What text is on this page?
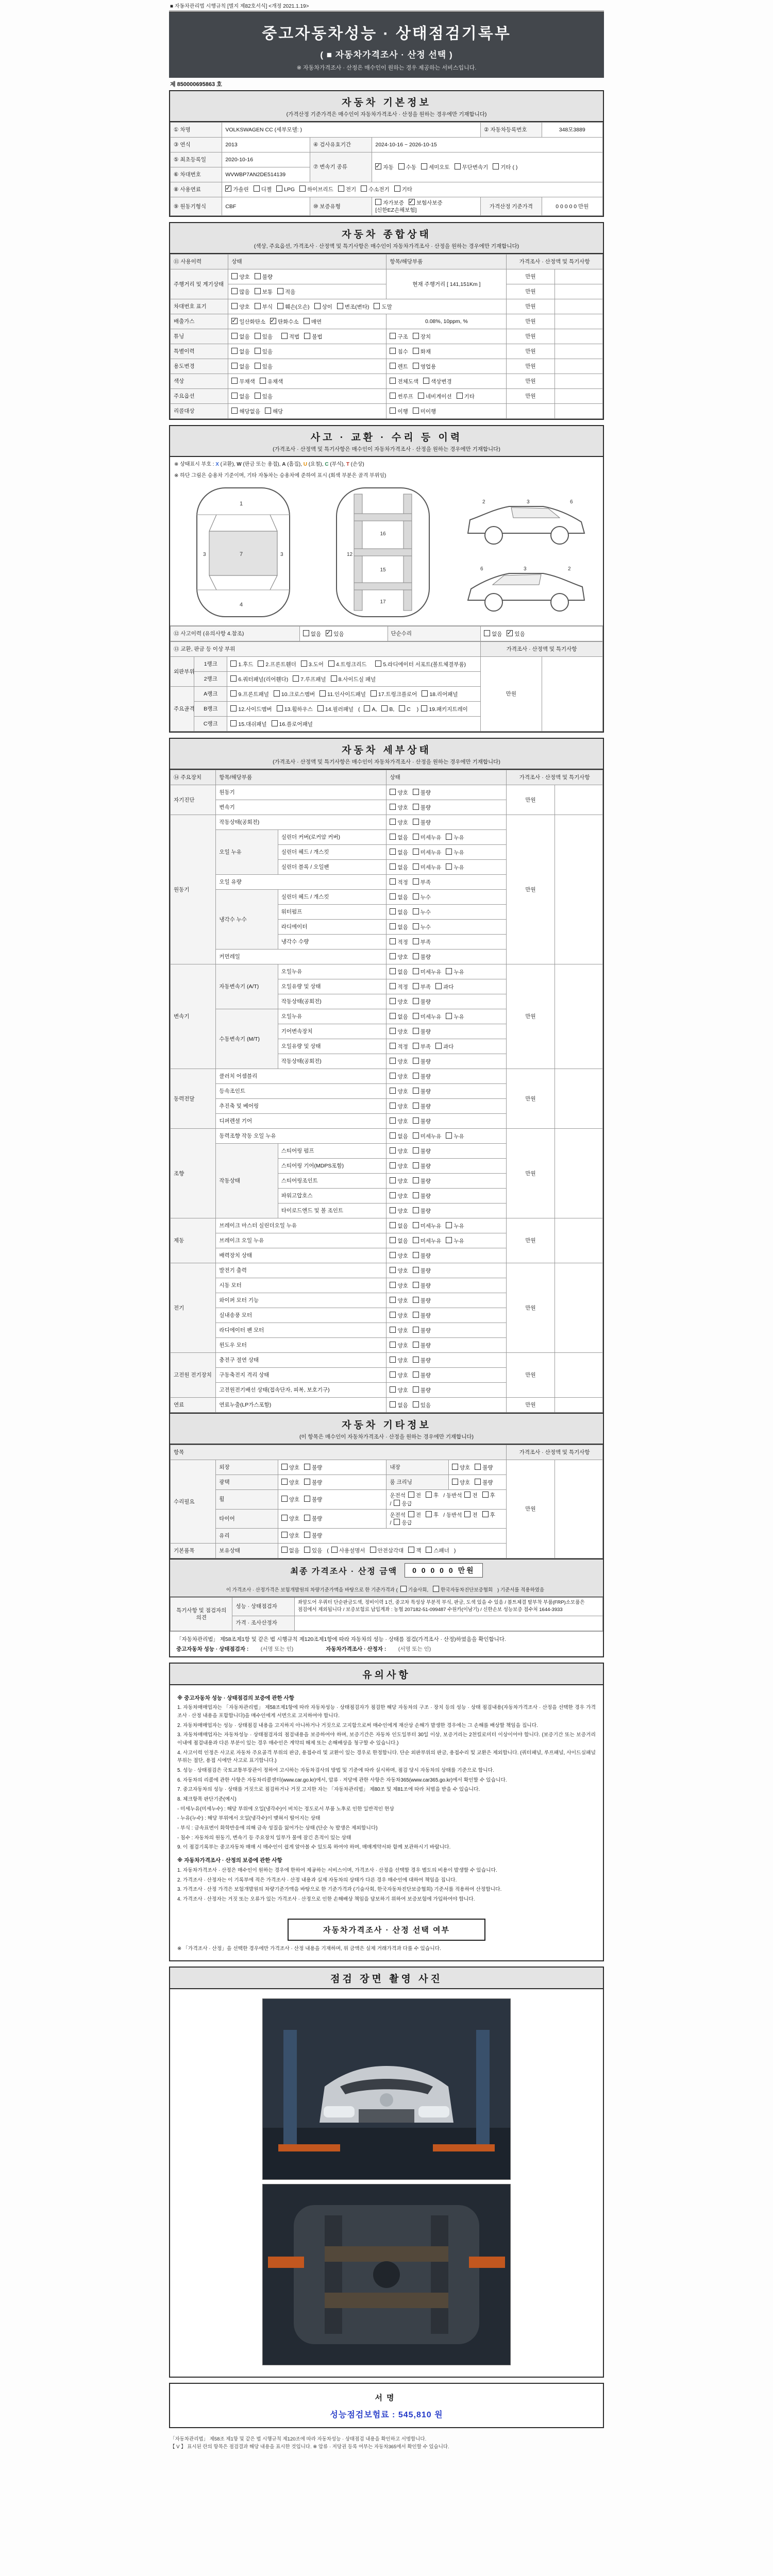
■ 자동차관리법 시행규칙 [별지 제82호서식] <개정 2021.1.19>
중고자동차성능 · 상태점검기록부
( ■ 자동차가격조사 · 산정 선택 )
※ 자동차가격조사 · 산정은 매수인이 원하는 경우 제공하는 서비스입니다.
제 850000695863 호
자동차 기본정보
(가격산정 기준가격은 매수인이 자동차가격조사 · 산정을 원하는 경우에만 기재합니다)
① 차명	VOLKSWAGEN CC (세부모델: )			② 자동차등록번호	348모3889
③ 연식	2013	④ 검사유효기간	2024-10-16 ~ 2026-10-15		
⑤ 최초등록일	2020-10-16	⑦ 변속기 종류	✓자동 수동 세미오토 무단변속기 기타 ( )
⑥ 차대번호	WVWBP7AN2DE514139				
⑧ 사용연료	✓가솔린 디젤 LPG 하이브리드 전기 수소전기 기타
⑨ 원동기형식	CBF	⑩ 보증유형	자가보증 ✓ 보험사보증[신한EZ손해보험]	가격산정 기준가격	0 0 0 0 0 만원
자동차 종합상태
(색상, 주요옵션, 가격조사 · 산정액 및 특기사항은 매수인이 자동차가격조사 · 산정을 원하는 경우에만 기재합니다)
⑪ 사용이력	상태	항목/해당부품	가격조사 · 산정액 및 특기사항	
주행거리 및 계기상태	양호 불량	현재 주행거리 [ 141,151Km ]	만원	
	많음 보통 적음		만원	
차대번호 표기	양호 부식 훼손(오손) 상이 변조(변타) 도말		만원	
배출가스	✓일산화탄소 ✓ 탄화수소 매연	0.08%, 10ppm, %	만원	
튜닝	없음 있음 적법 불법	구조 장치	만원	
특별이력	없음 있음	침수 화재	만원	
용도변경	없음 있음	렌트 영업용	만원	
색상	무채색 유채색	전체도색 색상변경	만원	
주요옵션	없음 있음	썬루프 네비게이션 기타	만원	
리콜대상	해당없음 해당	이행 미이행		
사고 · 교환 · 수리 등 이력
(가격조사 · 산정액 및 특기사항은 매수인이 자동차가격조사 · 산정을 원하는 경우에만 기재합니다)
※ 상태표시 부호 : X (교환), W (판금 또는 용접), A (흠집), U (요철), C (부식), T (손상)
※ 하단 그림은 승용차 기준이며, 기타 자동차는 승용차에 준하여 표시 (회색 부분은 골격 부위임)
1
7
4
3	3
16
15
17
12
2	3	6
2
3
6
⑫ 사고이력 (유의사항 4.참조)	없음 ✓ 있음	단순수리	없음 ✓ 있음
⑬ 교환, 판금 등 이상 부위			가격조사 · 산정액 및 특기사항	
외판부위	1랭크	1.후드 2.프론트휀더 3.도어 4.트렁크리드 5.라디에이터 서포트(볼트체결부품)	만원	
	2랭크	6.쿼터패널(리어휀다) 7.루프패널 8.사이드실 패널		
주요골격	A랭크	9.프론트패널 10.크로스멤버 11.인사이드패널 17.트렁크플로어 18.리어패널		
	B랭크	12.사이드멤버 13.휠하우스 14.필러패널 ( A, B, C ) 19.패키지트레이		
	C랭크	15.대쉬패널 16.플로어패널		
자동차 세부상태
(가격조사 · 산정액 및 특기사항은 매수인이 자동차가격조사 · 산정을 원하는 경우에만 기재합니다)
⑭ 주요장치	항목/해당부품		상태	가격조사 · 산정액 및 특기사항	
자기진단	원동기		양호 불량	만원	
	변속기		양호 불량		
원동기	작동상태(공회전)		양호 불량	만원	
	오일 누유	실린더 커버(로커암 커버)	없음 미세누유 누유		
		실린더 헤드 / 개스킷	없음 미세누유 누유		
		실린더 블록 / 오일팬	없음 미세누유 누유		
	오일 유량		적정 부족		
	냉각수 누수	실린더 헤드 / 개스킷	없음 누수		
		워터펌프	없음 누수		
		라디에이터	없음 누수		
		냉각수 수량	적정 부족		
	커먼레일		양호 불량		
변속기	자동변속기 (A/T)	오일누유	없음 미세누유 누유	만원	
		오일유량 및 상태	적정 부족 과다		
		작동상태(공회전)	양호 불량		
	수동변속기 (M/T)	오일누유	없음 미세누유 누유		
		기어변속장치	양호 불량		
		오일유량 및 상태	적정 부족 과다		
		작동상태(공회전)	양호 불량		
동력전달	클러치 어셈블리		양호 불량	만원	
	등속조인트		양호 불량		
	추진축 및 베어링		양호 불량		
	디퍼렌셜 기어		양호 불량		
조향	동력조향 작동 오일 누유		없음 미세누유 누유	만원	
	작동상태	스티어링 펌프	양호 불량		
		스티어링 기어(MDPS포함)	양호 불량		
		스티어링조인트	양호 불량		
		파워고압호스	양호 불량		
		타이로드엔드 및 볼 조인트	양호 불량		
제동	브레이크 마스터 실린더오일 누유		없음 미세누유 누유	만원	
	브레이크 오일 누유		없음 미세누유 누유		
	배력장치 상태		양호 불량		
전기	발전기 출력		양호 불량	만원	
	시동 모터		양호 불량		
	와이퍼 모터 기능		양호 불량		
	실내송풍 모터		양호 불량		
	라디에이터 팬 모터		양호 불량		
	윈도우 모터		양호 불량		
고전원 전기장치	충전구 절연 상태		양호 불량	만원	
	구동축전지 격리 상태		양호 불량		
	고전원전기배선 상태(접속단자, 피복, 보호기구)		양호 불량		
연료	연료누출(LP가스포함)		없음 있음	만원	
자동차 기타정보
(이 항목은 매수인이 자동차가격조사 · 산정을 원하는 경우에만 기재합니다)
항목					가격조사 · 산정액 및 특기사항	
수리필요	외장	양호 불량	내장	양호 불량	만원	
	광택	양호 불량	룸 크리닝	양호 불량		
	휠	양호 불량	운전석 전 후 / 동반석 전 후/ 응급			
	타이어	양호 불량	운전석 전 후 / 동반석 전 후/ 응급			
	유리	양호 불량				
기본품목	보유상태	없음 있음 ( 사용설명서 안전삼각대 잭 스패너 )				
최종 가격조사 · 산정 금액	0 0 0 0 0 만원
이 가격조사 · 산정가격은 보험개발원의 차량기준가액을 바탕으로 한 기준가격과 ( 기술사회,	한국자동차진단보증협회 ) 기준서를 적용하였음
특기사항 및 점검자의 의견	성능 · 상태점검자	좌앞도어 우쿼터 단순판금도색, 정비이력 1건, 중고차 특성상 부분적 부식, 판금, 도색 있을 수 있음 / 볼트체결 탈부착 부품(FRP)소모품은 점검에서 제외됩니다 / 보증보험료 납입계좌 : 농협 207182-51-099487 수원카(이남기) / 신한손보 성능보증 접수처 1644-3933
	가격 · 조사산정자	
「자동차관리법」 제58조제1항 및 같은 법 시행규칙 제120조제1항에 따라 자동차의 성능 · 상태를 점검(가격조사 · 산정)하였음을 확인합니다.
중고자동차 성능 · 상태점검자 : (서명 또는 인)	자동차가격조사 · 산정자 : (서명 또는 인)
유의사항

※ 중고자동차 성능 · 상태점검의 보증에 관한 사항

1. 자동차매매업자는 「자동차관리법」 제58조제1항에 따라 자동차성능 · 상태점검자가 점검한 해당 자동차의 구조 · 장치 등의 성능 · 상태 점검내용(자동차가격조사 · 산정을 선택한 경우 가격조사 · 산정 내용을 포함합니다)을 매수인에게 서면으로 고지하여야 합니다.

2. 자동차매매업자는 성능 · 상태점검 내용을 고지하지 아니하거나 거짓으로 고지함으로써 매수인에게 재산상 손해가 발생한 경우에는 그 손해를 배상할 책임을 집니다.

3. 자동차매매업자는 자동차성능 · 상태점검자의 점검내용을 보증하여야 하며, 보증기간은 자동차 인도일부터 30일 이상, 보증거리는 2천킬로미터 이상이어야 합니다. (보증기간 또는 보증거리 이내에 점검내용과 다른 부분이 있는 경우 매수인은 계약의 해제 또는 손해배상을 청구할 수 있습니다.)

4. 사고이력 인정은 사고로 자동차 주요골격 부위의 판금, 용접수리 및 교환이 있는 경우로 한정합니다. 단순 외판부위의 판금, 용접수리 및 교환은 제외합니다. (쿼터패널, 루프패널, 사이드실패널 부위는 절단, 용접 시에만 사고로 표기합니다.)

5. 성능 · 상태점검은 국토교통부장관이 정하여 고시하는 자동차검사의 방법 및 기준에 따라 실시하며, 점검 당시 자동차의 상태를 기준으로 합니다.

6. 자동차의 리콜에 관한 사항은 자동차리콜센터(www.car.go.kr)에서, 압류 · 저당에 관한 사항은 자동차365(www.car365.go.kr)에서 확인할 수 있습니다.

7. 중고자동차의 성능 · 상태를 거짓으로 점검하거나 거짓 고지한 자는 「자동차관리법」 제80조 및 제81조에 따라 처벌을 받을 수 있습니다.

8. 체크항목 판단기준(예시)

- 미세누유(미세누수) : 해당 부위에 오일(냉각수)이 비치는 정도로서 부품 노후로 인한 일반적인 현상

- 누유(누수) : 해당 부위에서 오일(냉각수)이 맺혀서 떨어지는 상태

- 부식 : 금속표면이 화학반응에 의해 금속 성질을 잃어가는 상태 (단순 녹 발생은 제외합니다)

- 침수 : 자동차의 원동기, 변속기 등 주요장치 일부가 물에 잠긴 흔적이 있는 상태

9. 이 점검기록부는 중고자동차 매매 시 매수인이 쉽게 알아볼 수 있도록 하여야 하며, 매매계약서와 함께 보관하시기 바랍니다.

※ 자동차가격조사 · 산정의 보증에 관한 사항

1. 자동차가격조사 · 산정은 매수인이 원하는 경우에 한하여 제공하는 서비스이며, 가격조사 · 산정을 선택할 경우 별도의 비용이 발생할 수 있습니다.

2. 가격조사 · 산정자는 이 기록부에 적은 가격조사 · 산정 내용과 실제 자동차의 상태가 다른 경우 매수인에 대하여 책임을 집니다.

3. 가격조사 · 산정 가격은 보험개발원의 차량기준가액을 바탕으로 한 기준가격과 (기술사회, 한국자동차진단보증협회) 기준서를 적용하여 산정합니다.

4. 가격조사 · 산정자는 거짓 또는 오류가 있는 가격조사 · 산정으로 인한 손해배상 책임을 담보하기 위하여 보증보험에 가입하여야 합니다.

자동차가격조사 · 산정 선택 여부

※ 「가격조사 · 산정」을 선택한 경우에만 가격조사 · 산정 내용을 기재하며, 위 금액은 실제 거래가격과 다를 수 있습니다.

점검 장면 촬영 사진
서명
성능점검보험료 : 545,810 원
「자동차관리법」 제58조 제1항 및 같은 법 시행규칙 제120조에 따라 자동차성능 · 상태점검 내용을 확인하고 서명합니다.
【 V 】 표시된 란의 항목은 점검결과 해당 내용을 표시한 것입니다. ※ 압류 · 저당권 등록 여부는 자동차365에서 확인할 수 있습니다.
